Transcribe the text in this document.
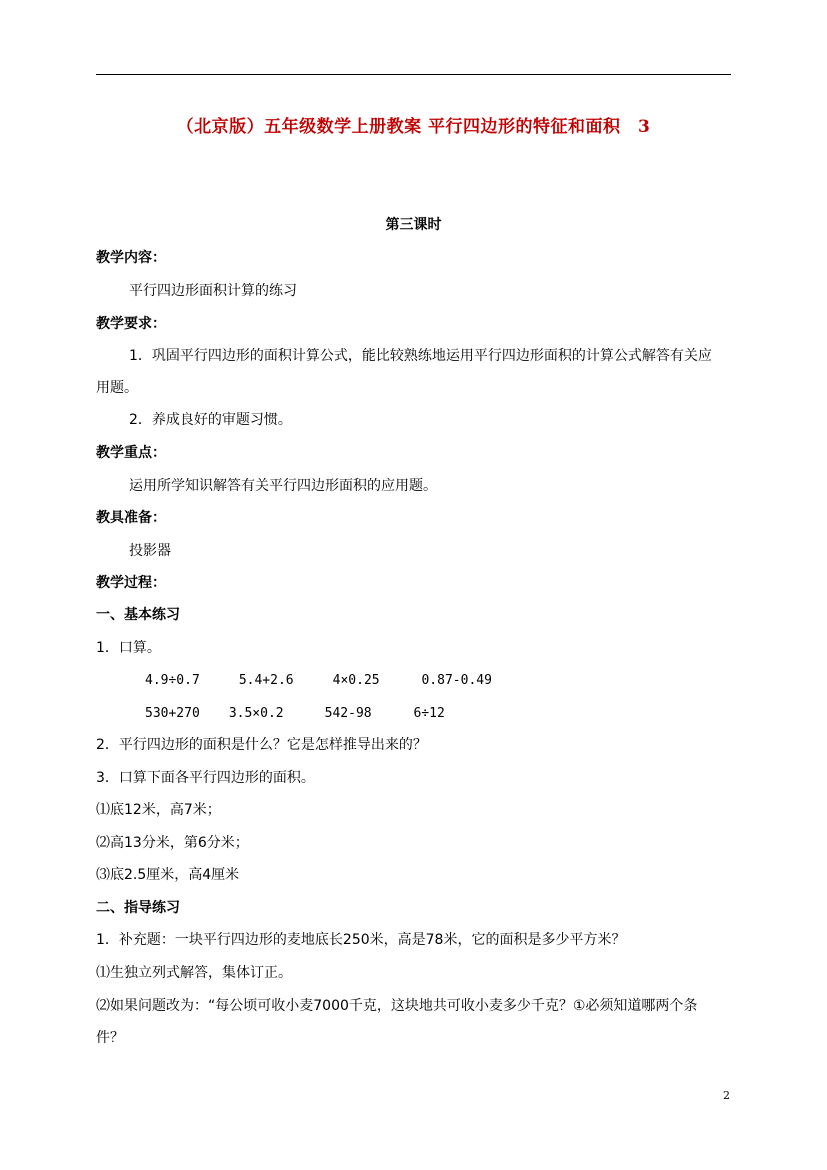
（北京版）五年级数学上册教案 平行四边形的特征和面积　3
第三课时
教学内容：
平行四边形面积计算的练习
教学要求：
1．巩固平行四边形的面积计算公式，能比较熟练地运用平行四边形面积的计算公式解答有关应
用题。
2．养成良好的审题习惯。
教学重点：
运用所学知识解答有关平行四边形面积的应用题。
教具准备：
投影器
教学过程：
一、基本练习
1．口算。
4.9÷0.7	5.4+2.6	4×0.25	0.87-0.49
530+270 3.5×0.2	542-98	6÷12
2．平行四边形的面积是什么？它是怎样推导出来的？
3．口算下面各平行四边形的面积。
⑴底12米，高7米；
⑵高13分米，第6分米；
⑶底2.5厘米，高4厘米
二、指导练习
1．补充题：一块平行四边形的麦地底长250米，高是78米，它的面积是多少平方米？
⑴生独立列式解答，集体订正。
⑵如果问题改为：“每公顷可收小麦7000千克，这块地共可收小麦多少千克？①必须知道哪两个条
件？
2
